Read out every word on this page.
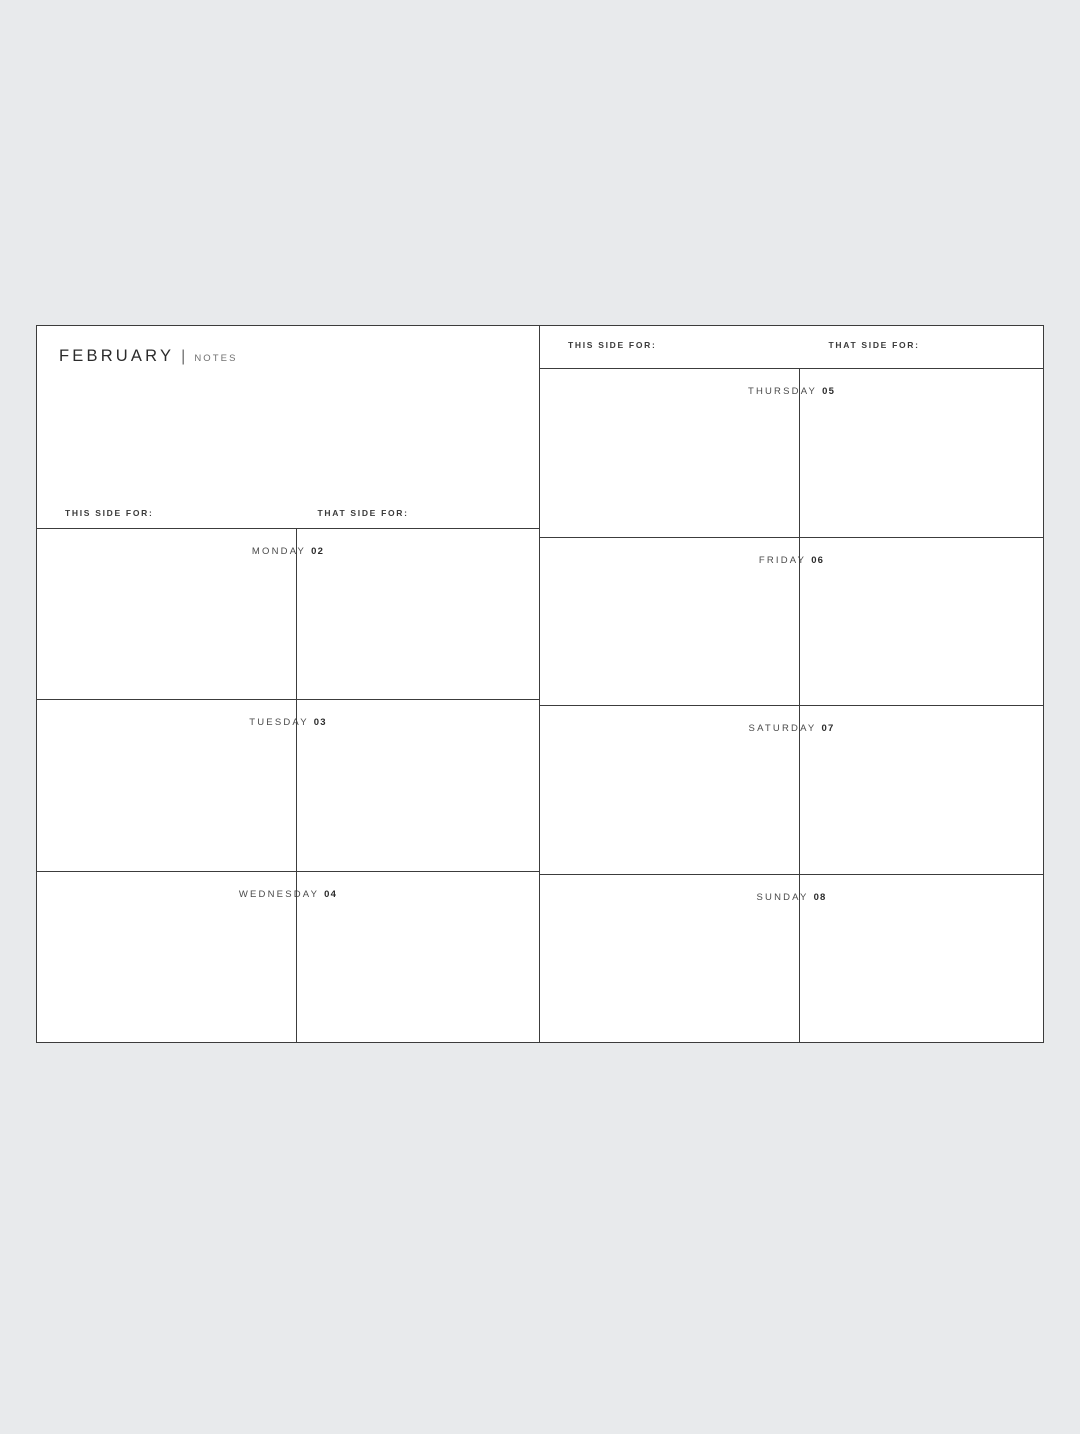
FEBRUARY | NOTES
THIS SIDE FOR:	THAT SIDE FOR:
MONDAY 02
TUESDAY 03
WEDNESDAY 04
THIS SIDE FOR:	THAT SIDE FOR:
THURSDAY 05
FRIDAY 06
SATURDAY 07
SUNDAY 08
